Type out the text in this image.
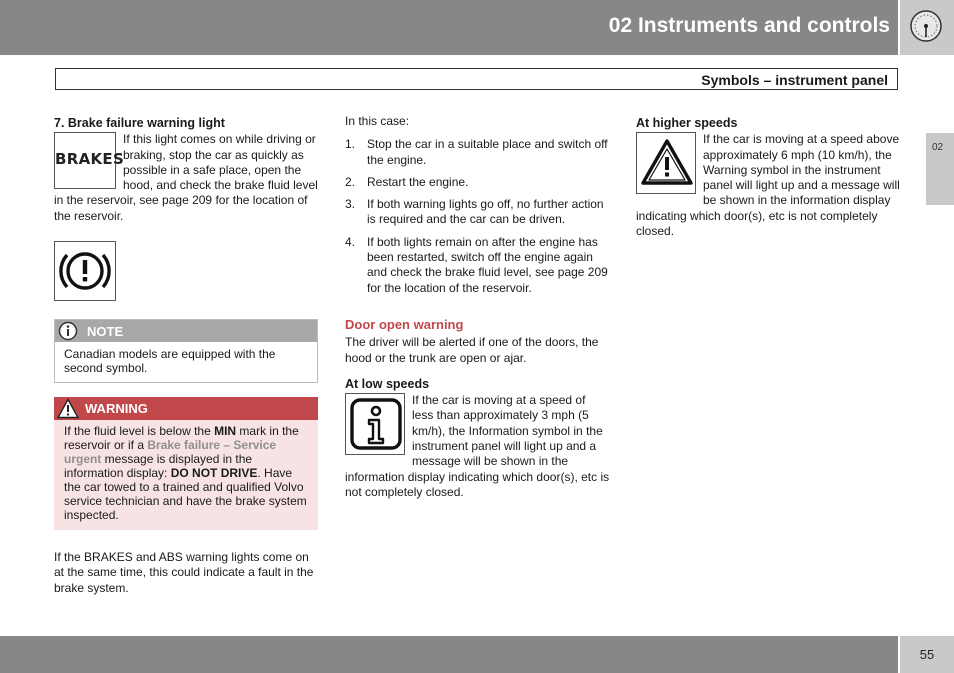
02 Instruments and controls
Symbols – instrument panel
02
7. Brake failure warning light
BRAKES

If this light comes on while driving or braking, stop the car as quickly as possible in a safe place, open the hood, and check the brake fluid level in the reservoir, see page 209 for the location of the reservoir.

NOTE
Canadian models are equipped with the second symbol.
WARNING
If the fluid level is below the MIN mark in the reservoir or if a Brake failure – Service urgent message is displayed in the information display: DO NOT DRIVE. Have the car towed to a trained and qualified Volvo service technician and have the brake system inspected.

If the BRAKES and ABS warning lights come on at the same time, this could indicate a fault in the brake system.

In this case:

1. Stop the car in a suitable place and switch off the engine.
2. Restart the engine.
3. If both warning lights go off, no further action is required and the car can be driven.
4. If both lights remain on after the engine has been restarted, switch off the engine again and check the brake fluid level, see page 209 for the location of the reservoir.
Door open warning

The driver will be alerted if one of the doors, the hood or the trunk are open or ajar.

At low speeds

If the car is moving at a speed of less than approximately 3 mph (5 km/h), the Information symbol in the instrument panel will light up and a message will be shown in the information display indicating which door(s), etc is not completely closed.

At higher speeds

If the car is moving at a speed above approximately 6 mph (10 km/h), the Warning symbol in the instrument panel will light up and a message will be shown in the information display indicating which door(s), etc is not completely closed.

55
